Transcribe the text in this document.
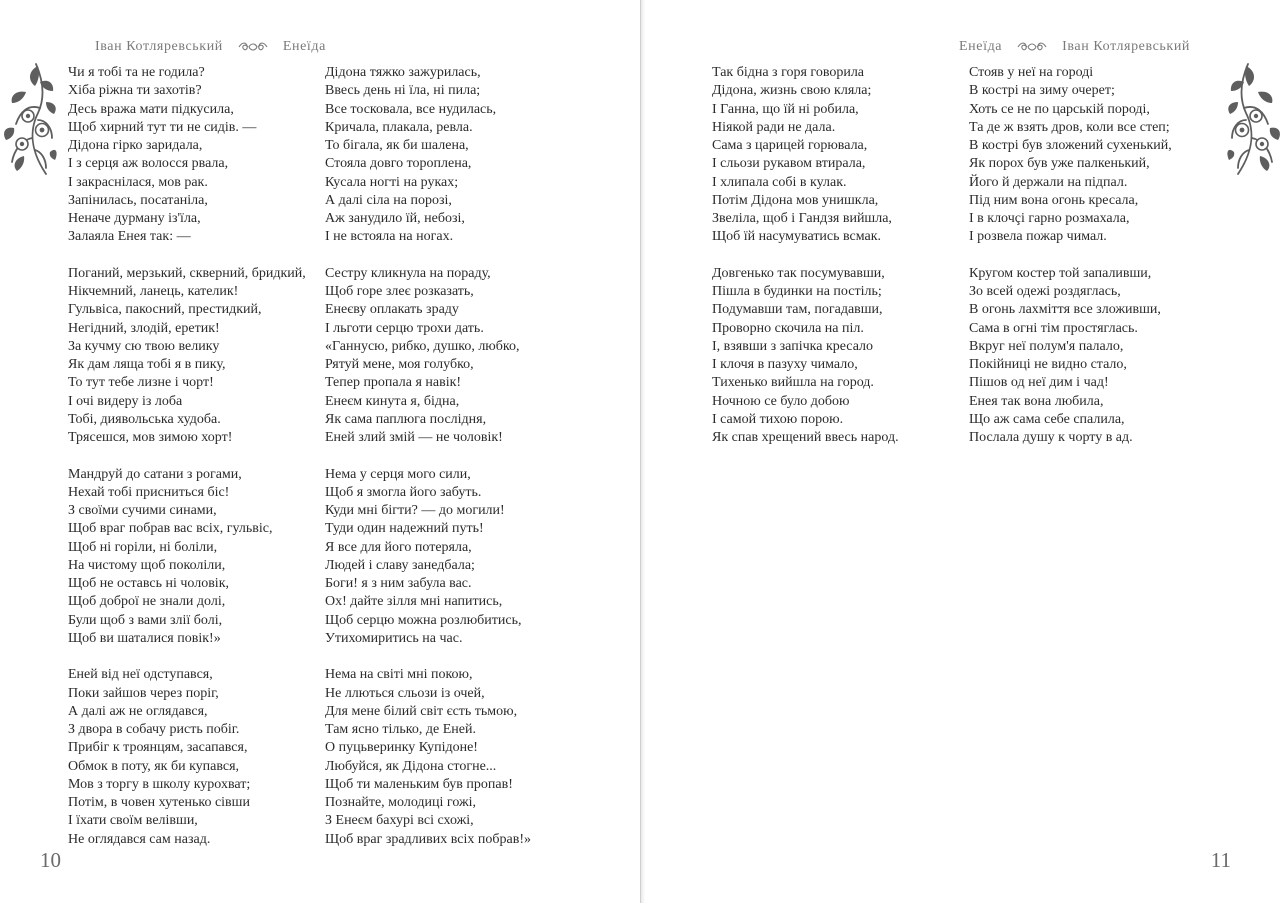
Іван Котляревський	Енеїда
Чи я тобі та не годила?
Хіба ріжна ти захотів?
Десь вража мати підкусила,
Щоб хирний тут ти не сидів. —
Дідона гірко заридала,
І з серця аж волосся рвала,
І закраснілася, мов рак.
Запінилась, посатаніла,
Неначе дурману із'їла,
Залаяла Енея так: —
Поганий, мерзький, скверний, бридкий,
Нікчемний, ланець, кателик!
Гульвіса, пакосний, престидкий,
Негідний, злодій, еретик!
За кучму сю твою велику
Як дам ляща тобі я в пику,
То тут тебе лизне і чорт!
І очі видеру із лоба
Тобі, диявольська худоба.
Трясешся, мов зимою хорт!
Мандруй до сатани з рогами,
Нехай тобі присниться біс!
З своїми сучими синами,
Щоб враг побрав вас всіх, гульвіс,
Щоб ні горіли, ні боліли,
На чистому щоб поколіли,
Щоб не остaвсь ні чоловік,
Щоб доброї не знали долі,
Були щоб з вами злії болі,
Щоб ви шаталися повік!»
Еней від неї одступався,
Поки зайшов через поріг,
А далі аж не оглядався,
З двора в собачу ристь побіг.
Прибіг к троянцям, засапався,
Обмок в поту, як би купався,
Мов з торгу в школу курохват;
Потім, в човен хутенько сівши
І їхати своїм велівши,
Не оглядався сам назад.
Дідона тяжко зажурилась,
Ввесь день ні їла, ні пила;
Все тосковала, все нудилась,
Кричала, плакала, ревла.
То бігала, як би шалена,
Стояла довго тороплена,
Кусала ногті на руках;
А далі сіла на порозі,
Аж занудило їй, небозі,
І не встояла на ногах.
Сестру кликнула на пораду,
Щоб горе злеє розказать,
Енеєву оплакать зраду
І льготи серцю трохи дать.
«Ганнусю, рибко, душко, любко,
Рятуй мене, моя голубко,
Тепер пропала я навік!
Енеєм кинута я, бідна,
Як сама паплюга послідня,
Еней злий змій — не чоловік!
Нема у серця мого сили,
Щоб я змогла його забуть.
Куди мні бігти? — до могили!
Туди один надежний путь!
Я все для його потеряла,
Людей і славу занедбала;
Боги! я з ним забула вас.
Ох! дайте зілля мні напитись,
Щоб серцю можна розлюбитись,
Утихомиритись на час.
Нема на світі мні покою,
Не ллються сльози із очей,
Для мене білий світ єсть тьмою,
Там ясно тілько, де Еней.
О пуцьверинку Купідоне!
Любуйся, як Дідона стогне...
Щоб ти маленьким був пропав!
Познайте, молодиці гожі,
З Енеєм бахурі всі схожі,
Щоб враг зрадливих всіх побрав!»
10
Енеїда	Іван Котляревський
Так бідна з горя говорила
Дідона, жизнь свою кляла;
І Ганна, що їй ні робила,
Ніякой ради не дала.
Сама з царицей горювала,
І сльози рукавом втирала,
І хлипала собі в кулак.
Потім Дідона мов унишкла,
Звеліла, щоб і Гандзя вийшла,
Щоб їй насумуватись всмак.
Довгенько так посумувавши,
Пішла в будинки на постіль;
Подумавши там, погадавши,
Проворно скочила на піл.
І, взявши з запічка кресало
І клочя в пазуху чимало,
Тихенько вийшла на город.
Ночною се було добою
І самой тихою порою.
Як спав хрещений ввесь народ.
Стояв у неї на городі
В кострі на зиму очерет;
Хоть се не по царській породі,
Та де ж взять дров, коли все степ;
В кострі був зложений сухенький,
Як порох був уже палкенький,
Його й держали на підпал.
Під ним вона огонь кресала,
І в клочçі гарно розмахала,
І розвела пожар чимал.
Кругом костер той запаливши,
Зо всей одежі роздяглась,
В огонь лахміття все зложивши,
Сама в огні тім простяглась.
Вкруг неї полум'я палало,
Покійниці не видно стало,
Пішов од неї дим і чад!
Енея так вона любила,
Що аж сама себе спалила,
Послала душу к чорту в ад.
11
